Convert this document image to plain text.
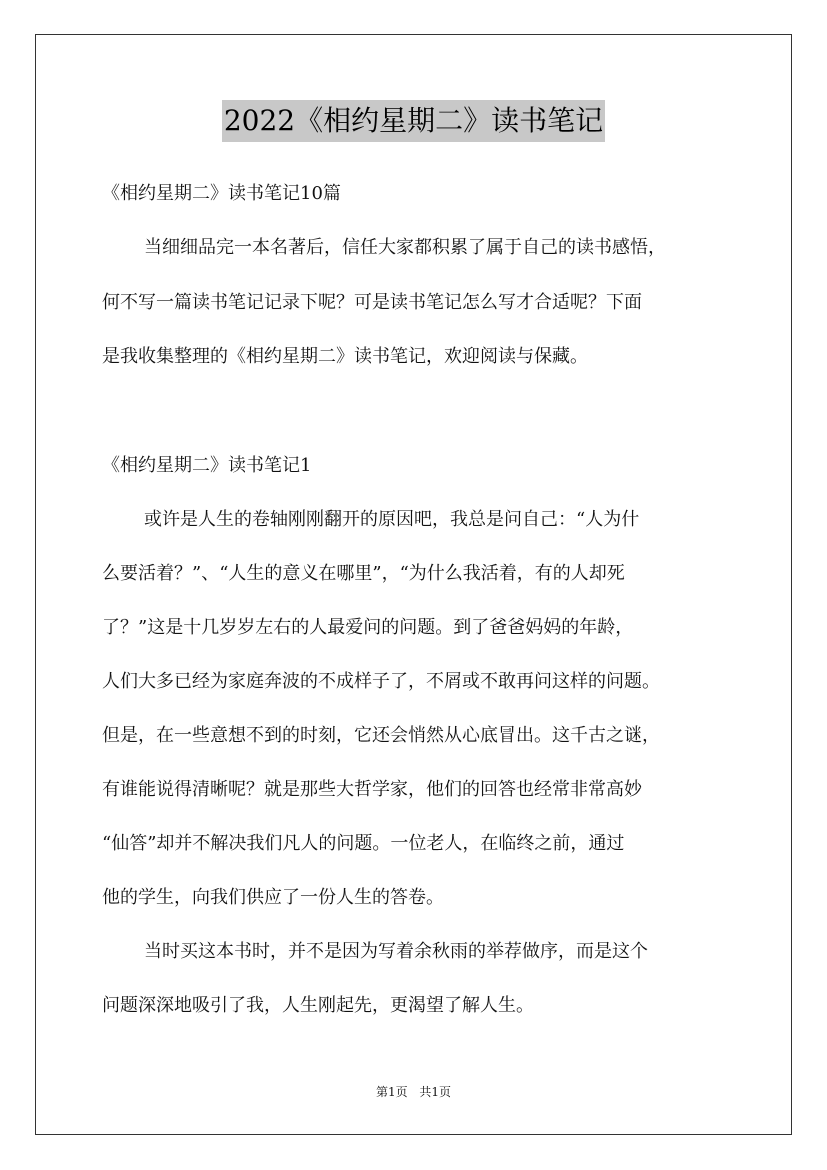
2022《相约星期二》读书笔记
《相约星期二》读书笔记10篇
当细细品完一本名著后，信任大家都积累了属于自己的读书感悟，
何不写一篇读书笔记记录下呢？可是读书笔记怎么写才合适呢？下面
是我收集整理的《相约星期二》读书笔记，欢迎阅读与保藏。
《相约星期二》读书笔记1
或许是人生的卷轴刚刚翻开的原因吧，我总是问自己：“人为什
么要活着？”、“人生的意义在哪里”，“为什么我活着，有的人却死
了？”这是十几岁岁左右的人最爱问的问题。到了爸爸妈妈的年龄，
人们大多已经为家庭奔波的不成样子了，不屑或不敢再问这样的问题。
但是，在一些意想不到的时刻，它还会悄然从心底冒出。这千古之谜，
有谁能说得清晰呢？就是那些大哲学家，他们的回答也经常非常高妙
“仙答”却并不解决我们凡人的问题。一位老人，在临终之前，通过
他的学生，向我们供应了一份人生的答卷。
当时买这本书时，并不是因为写着余秋雨的举荐做序，而是这个
问题深深地吸引了我，人生刚起先，更渴望了解人生。
第1页 共1页
